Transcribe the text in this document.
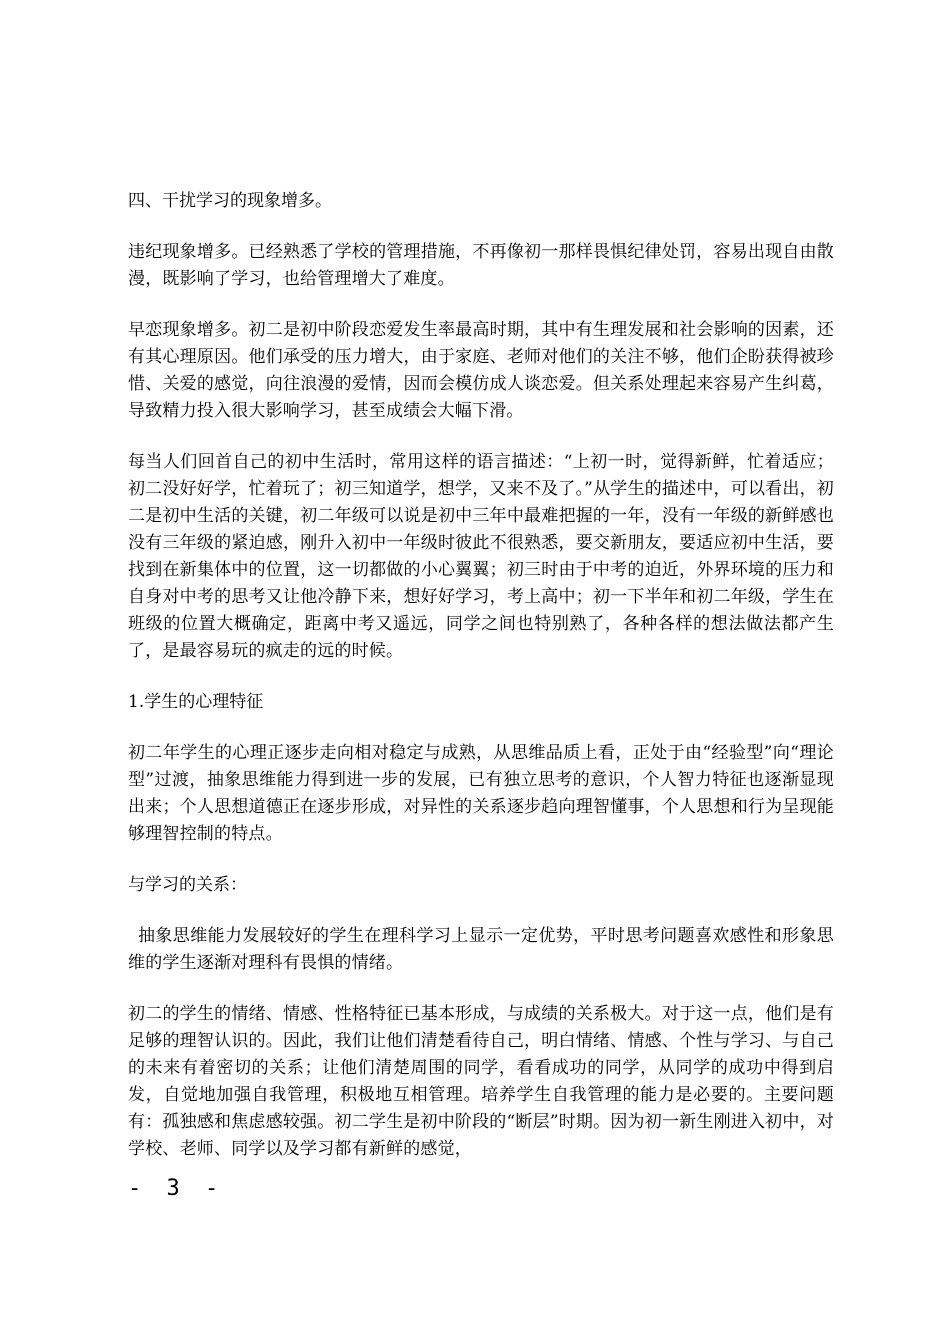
四、干扰学习的现象增多。

违纪现象增多。已经熟悉了学校的管理措施，不再像初一那样畏惧纪律处罚，容易出现自由散漫，既影响了学习，也给管理增大了难度。

早恋现象增多。初二是初中阶段恋爱发生率最高时期，其中有生理发展和社会影响的因素，还有其心理原因。他们承受的压力增大，由于家庭、老师对他们的关注不够，他们企盼获得被珍惜、关爱的感觉，向往浪漫的爱情，因而会模仿成人谈恋爱。但关系处理起来容易产生纠葛，导致精力投入很大影响学习，甚至成绩会大幅下滑。

每当人们回首自己的初中生活时，常用这样的语言描述：“上初一时，觉得新鲜，忙着适应；初二没好好学，忙着玩了；初三知道学，想学，又来不及了。”从学生的描述中，可以看出，初二是初中生活的关键，初二年级可以说是初中三年中最难把握的一年，没有一年级的新鲜感也没有三年级的紧迫感，刚升入初中一年级时彼此不很熟悉，要交新朋友，要适应初中生活，要找到在新集体中的位置，这一切都做的小心翼翼；初三时由于中考的迫近，外界环境的压力和自身对中考的思考又让他冷静下来，想好好学习，考上高中；初一下半年和初二年级，学生在班级的位置大概确定，距离中考又遥远，同学之间也特别熟了，各种各样的想法做法都产生了，是最容易玩的疯走的远的时候。

1.学生的心理特征

初二年学生的心理正逐步走向相对稳定与成熟，从思维品质上看，正处于由“经验型”向“理论型”过渡，抽象思维能力得到进一步的发展，已有独立思考的意识，个人智力特征也逐渐显现出来；个人思想道德正在逐步形成，对异性的关系逐步趋向理智懂事，个人思想和行为呈现能够理智控制的特点。

与学习的关系：

抽象思维能力发展较好的学生在理科学习上显示一定优势，平时思考问题喜欢感性和形象思维的学生逐渐对理科有畏惧的情绪。

初二的学生的情绪、情感、性格特征已基本形成，与成绩的关系极大。对于这一点，他们是有足够的理智认识的。因此，我们让他们清楚看待自己，明白情绪、情感、个性与学习、与自己的未来有着密切的关系；让他们清楚周围的同学，看看成功的同学，从同学的成功中得到启发，自觉地加强自我管理，积极地互相管理。培养学生自我管理的能力是必要的。主要问题有：孤独感和焦虑感较强。初二学生是初中阶段的“断层”时期。因为初一新生刚进入初中，对学校、老师、同学以及学习都有新鲜的感觉，

- 3 -
